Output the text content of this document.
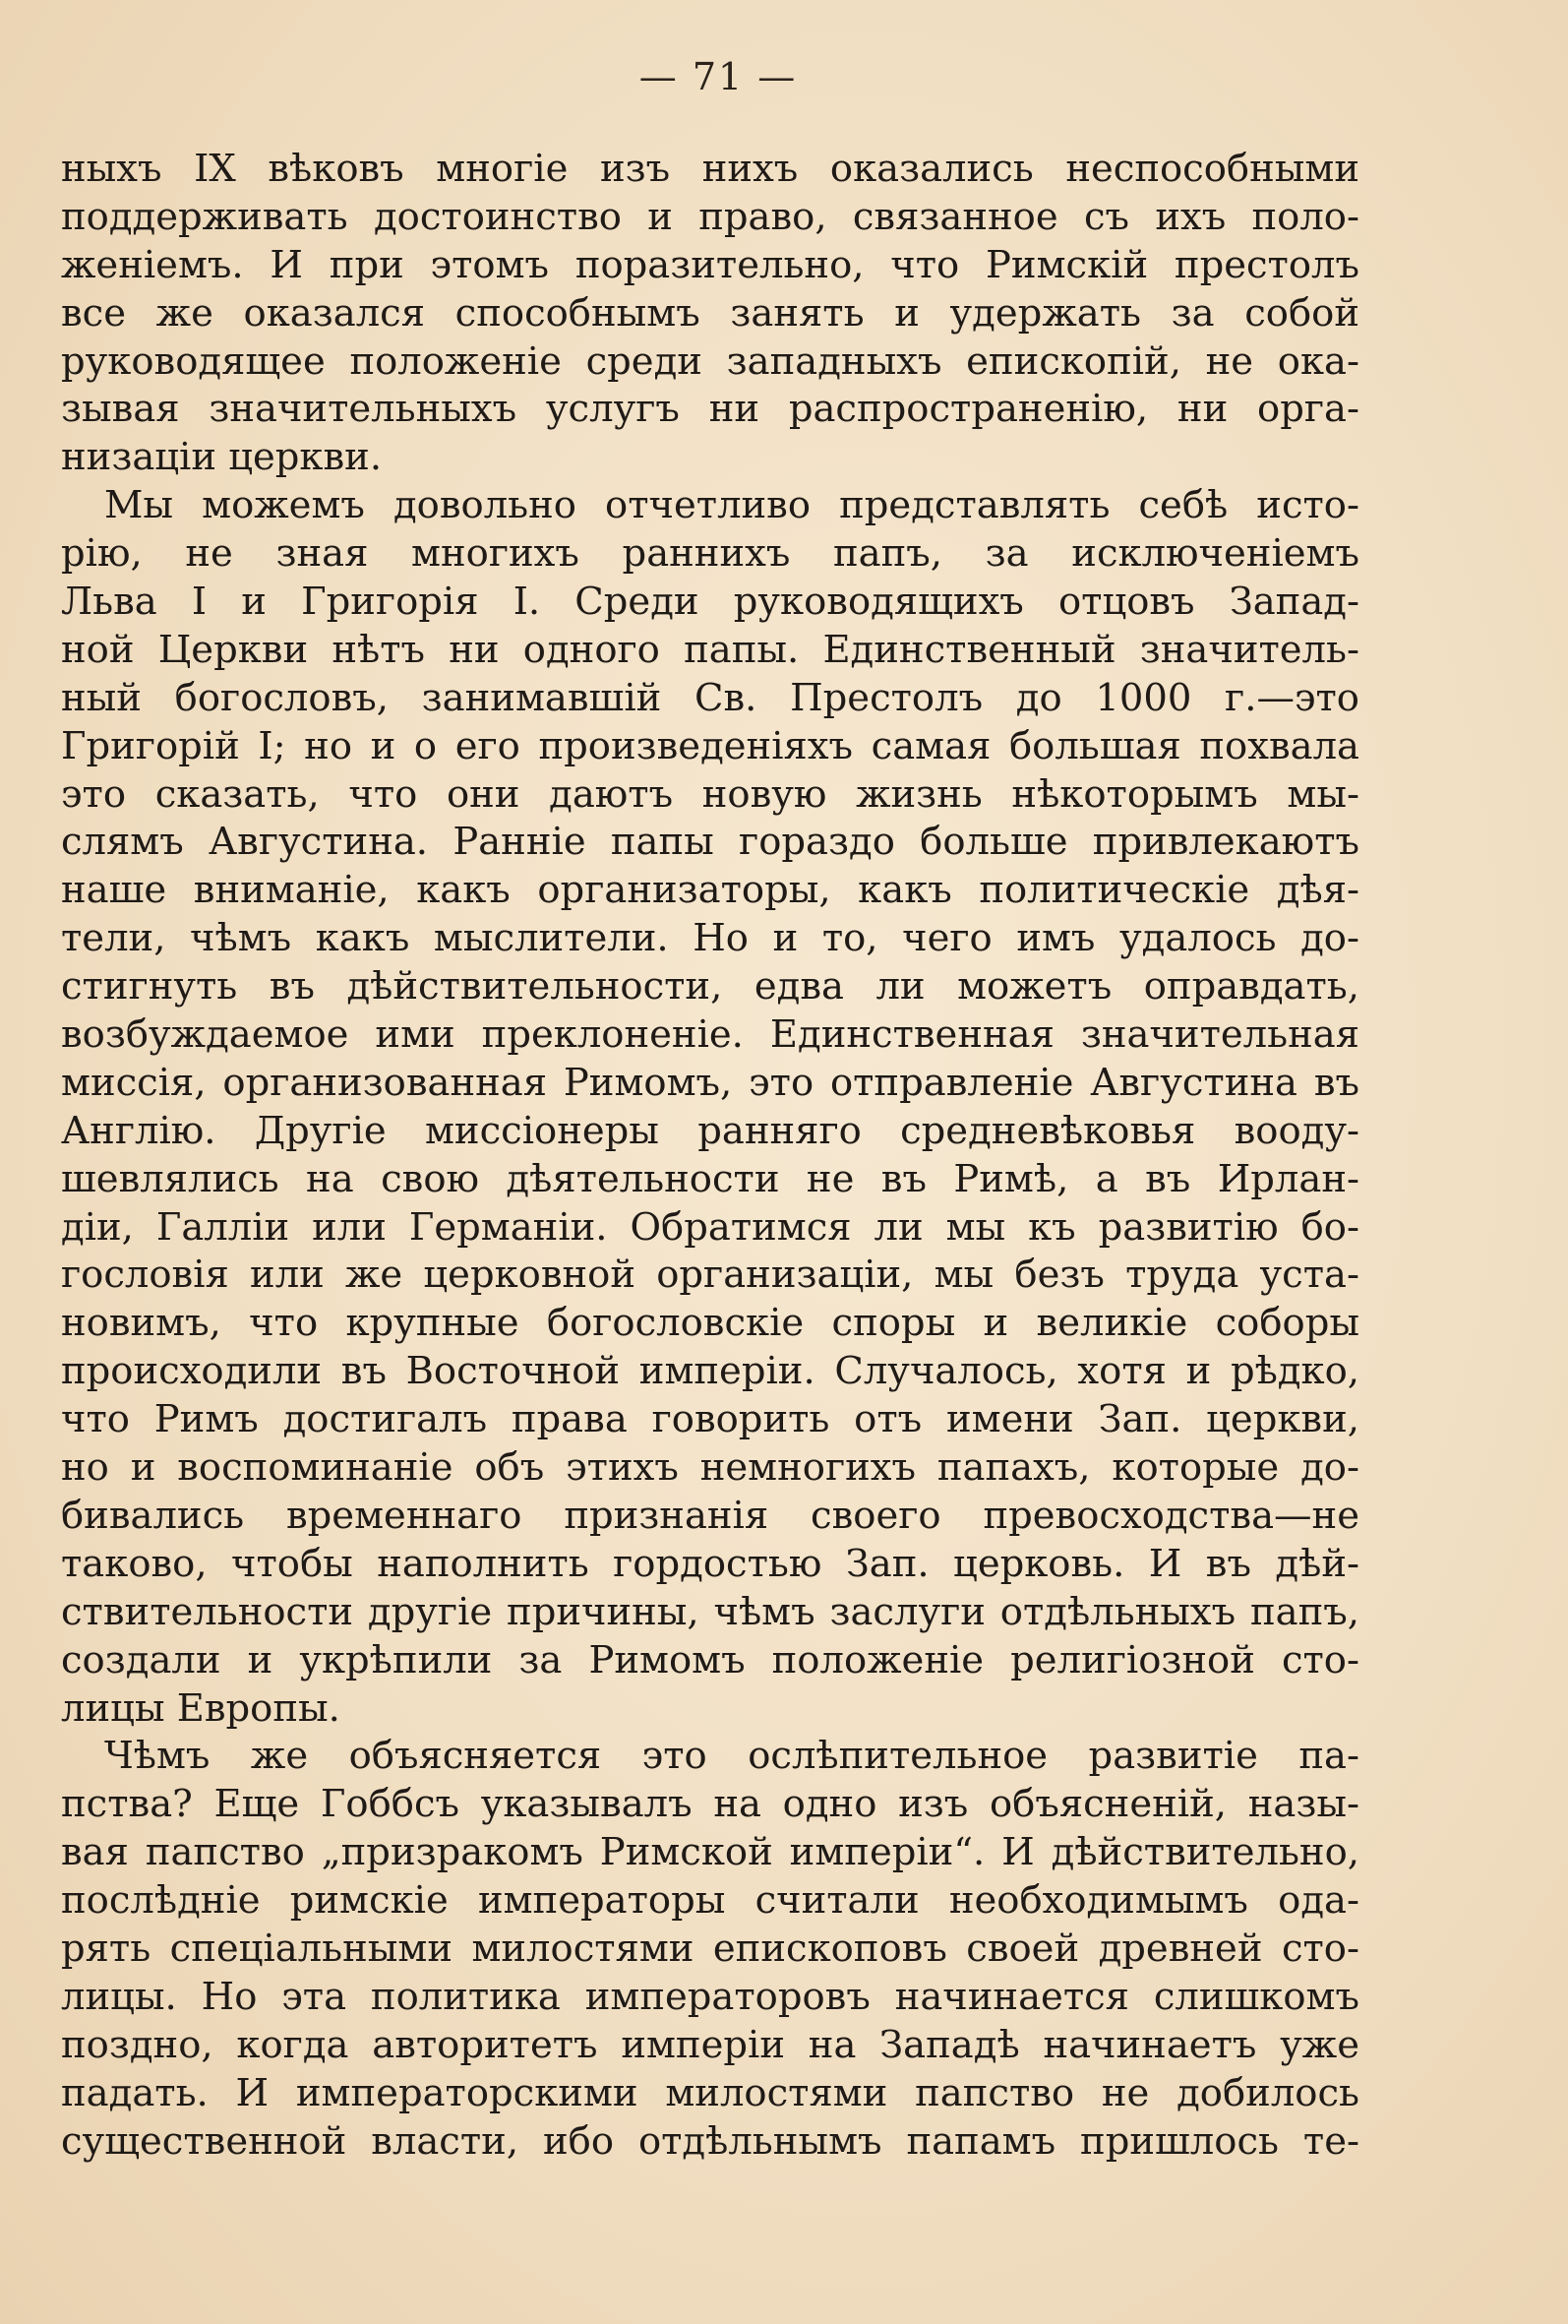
— 71 —
ныхъ IX вѣковъ многіе изъ нихъ оказались неспособными
поддерживать достоинство и право, связанное съ ихъ поло-
женіемъ. И при этомъ поразительно, что Римскій престолъ
все же оказался способнымъ занять и удержать за собой
руководящее положеніе среди западныхъ епископій, не ока-
зывая значительныхъ услугъ ни распространенію, ни орга-
низаціи церкви.
Мы можемъ довольно отчетливо представлять себѣ исто-
рію, не зная многихъ раннихъ папъ, за исключеніемъ
Льва I и Григорія I. Среди руководящихъ отцовъ Запад-
ной Церкви нѣтъ ни одного папы. Единственный значитель-
ный богословъ, занимавшій Св. Престолъ до 1000 г.—это
Григорій I; но и о его произведеніяхъ самая большая похвала
это сказать, что они даютъ новую жизнь нѣкоторымъ мы-
слямъ Августина. Ранніе папы гораздо больше привлекаютъ
наше вниманіе, какъ организаторы, какъ политическіе дѣя-
тели, чѣмъ какъ мыслители. Но и то, чего имъ удалось до-
стигнуть въ дѣйствительности, едва ли можетъ оправдать,
возбуждаемое ими преклоненіе. Единственная значительная
миссія, организованная Римомъ, это отправленіе Августина въ
Англію. Другіе миссіонеры ранняго средневѣковья вооду-
шевлялись на свою дѣятельности не въ Римѣ, а въ Ирлан-
діи, Галліи или Германіи. Обратимся ли мы къ развитію бо-
гословія или же церковной организаціи, мы безъ труда уста-
новимъ, что крупные богословскіе споры и великіе соборы
происходили въ Восточной имперіи. Случалось, хотя и рѣдко,
что Римъ достигалъ права говорить отъ имени Зап. церкви,
но и воспоминаніе объ этихъ немногихъ папахъ, которые до-
бивались временнаго признанія своего превосходства—не
таково, чтобы наполнить гордостью Зап. церковь. И въ дѣй-
ствительности другіе причины, чѣмъ заслуги отдѣльныхъ папъ,
создали и укрѣпили за Римомъ положеніе религіозной сто-
лицы Европы.
Чѣмъ же объясняется это ослѣпительное развитіе па-
пства? Еще Гоббсъ указывалъ на одно изъ объясненій, назы-
вая папство „призракомъ Римской имперіи“. И дѣйствительно,
послѣдніе римскіе императоры считали необходимымъ ода-
рять спеціальными милостями епископовъ своей древней сто-
лицы. Но эта политика императоровъ начинается слишкомъ
поздно, когда авторитетъ имперіи на Западѣ начинаетъ уже
падать. И императорскими милостями папство не добилось
существенной власти, ибо отдѣльнымъ папамъ пришлось те-
